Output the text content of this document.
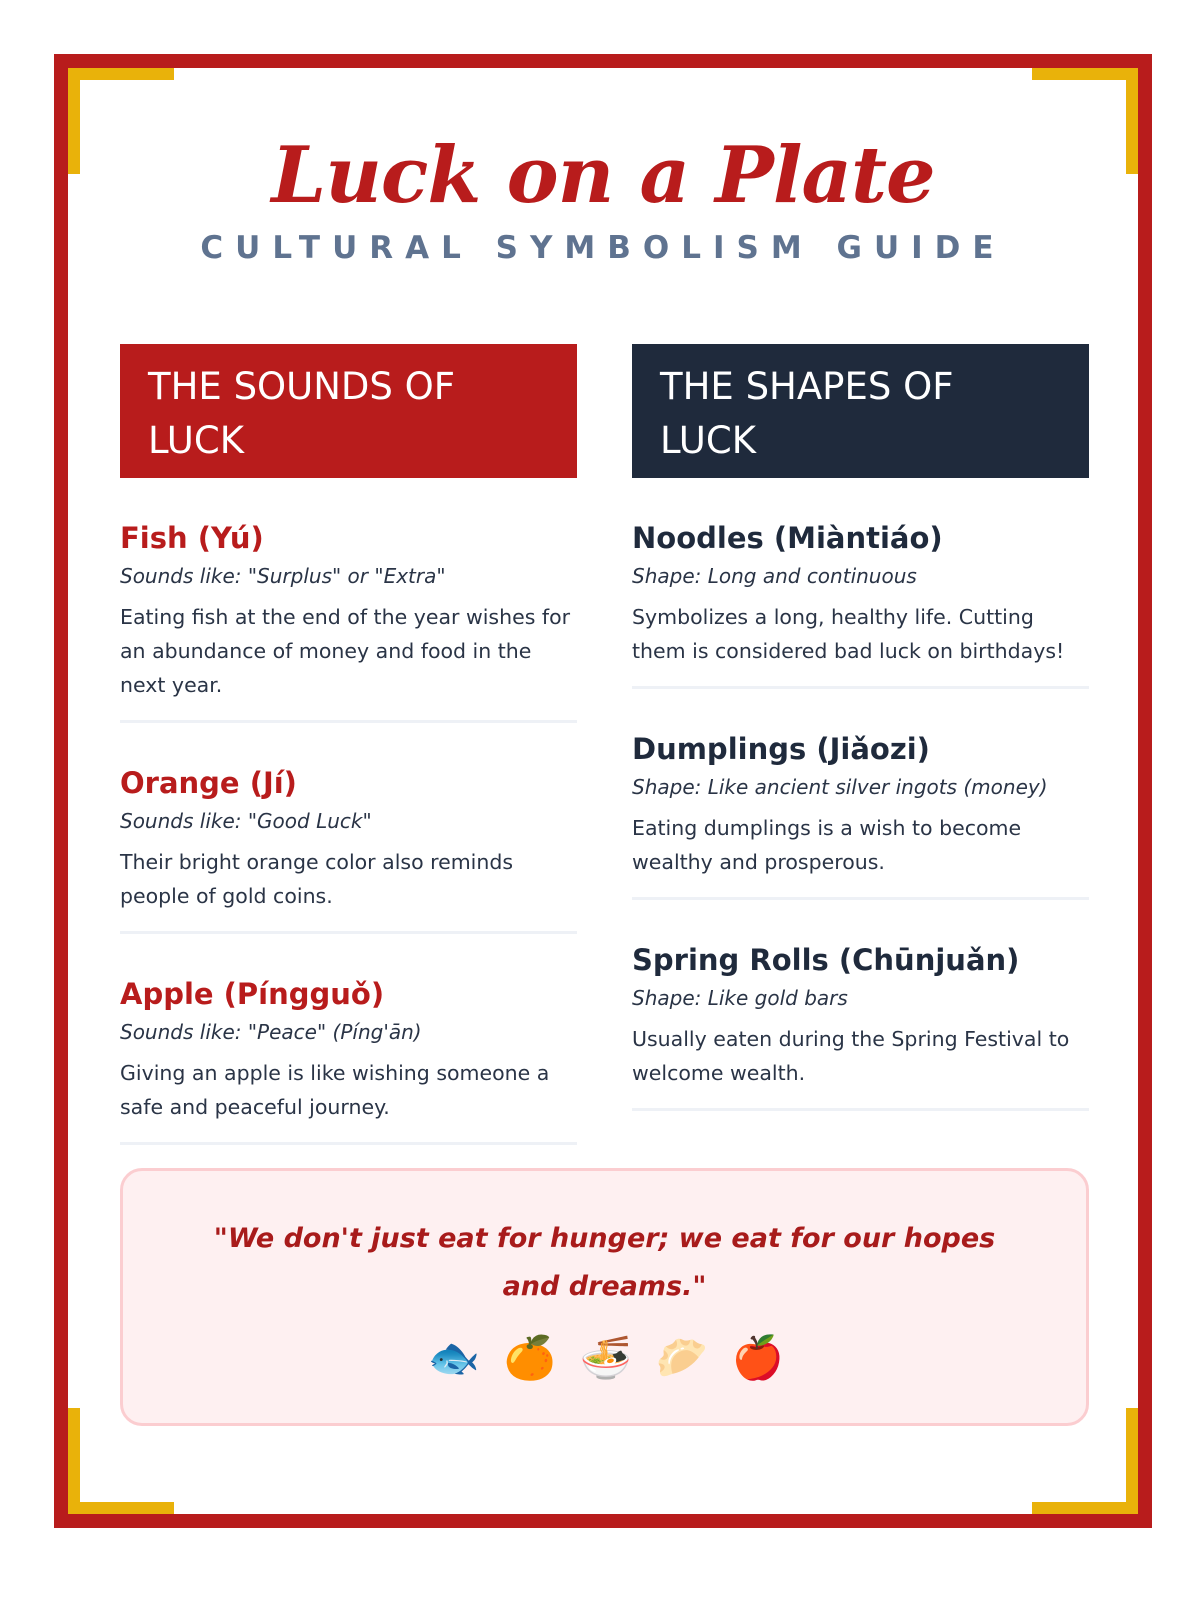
Luck on a Plate
CULTURAL SYMBOLISM GUIDE
THE SOUNDS OF LUCK
Fish (Yú)
Sounds like: "Surplus" or "Extra"
Eating fish at the end of the year wishes for an abundance of money and food in the next year.
Orange (Jí)
Sounds like: "Good Luck"
Their bright orange color also reminds people of gold coins.
Apple (Píngguǒ)
Sounds like: "Peace" (Píng'ān)
Giving an apple is like wishing someone a safe and peaceful journey.
THE SHAPES OF LUCK
Noodles (Miàntiáo)
Shape: Long and continuous
Symbolizes a long, healthy life. Cutting them is considered bad luck on birthdays!
Dumplings (Jiǎozi)
Shape: Like ancient silver ingots (money)
Eating dumplings is a wish to become wealthy and prosperous.
Spring Rolls (Chūnjuǎn)
Shape: Like gold bars
Usually eaten during the Spring Festival to welcome wealth.

"We don't just eat for hunger; we eat for our hopes and dreams."

🐟 🍊 🍜 🥟 🍎
